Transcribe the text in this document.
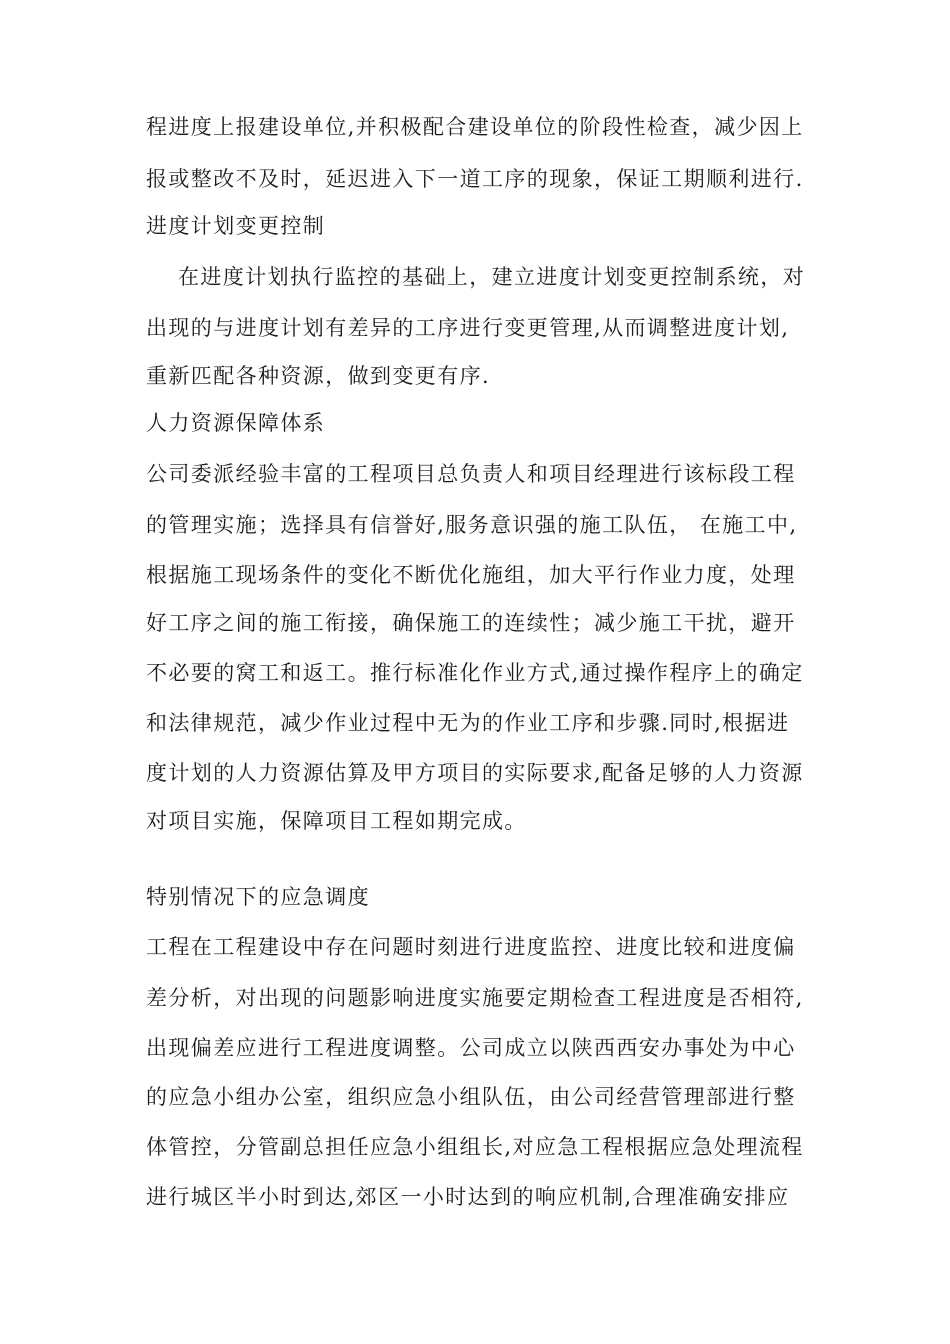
程进度上报建设单位,并积极配合建设单位的阶段性检查，减少因上
报或整改不及时，延迟进入下一道工序的现象，保证工期顺利进行.
进度计划变更控制
在进度计划执行监控的基础上，建立进度计划变更控制系统，对
出现的与进度计划有差异的工序进行变更管理,从而调整进度计划,
重新匹配各种资源，做到变更有序.
人力资源保障体系
公司委派经验丰富的工程项目总负责人和项目经理进行该标段工程
的管理实施；选择具有信誉好,服务意识强的施工队伍， 在施工中,
根据施工现场条件的变化不断优化施组，加大平行作业力度，处理
好工序之间的施工衔接，确保施工的连续性；减少施工干扰，避开
不必要的窝工和返工。推行标准化作业方式,通过操作程序上的确定
和法律规范，减少作业过程中无为的作业工序和步骤.同时,根据进
度计划的人力资源估算及甲方项目的实际要求,配备足够的人力资源
对项目实施，保障项目工程如期完成。
特别情况下的应急调度
工程在工程建设中存在问题时刻进行进度监控、进度比较和进度偏
差分析，对出现的问题影响进度实施要定期检查工程进度是否相符,
出现偏差应进行工程进度调整。公司成立以陕西西安办事处为中心
的应急小组办公室，组织应急小组队伍，由公司经营管理部进行整
体管控，分管副总担任应急小组组长,对应急工程根据应急处理流程
进行城区半小时到达,郊区一小时达到的响应机制,合理准确安排应
